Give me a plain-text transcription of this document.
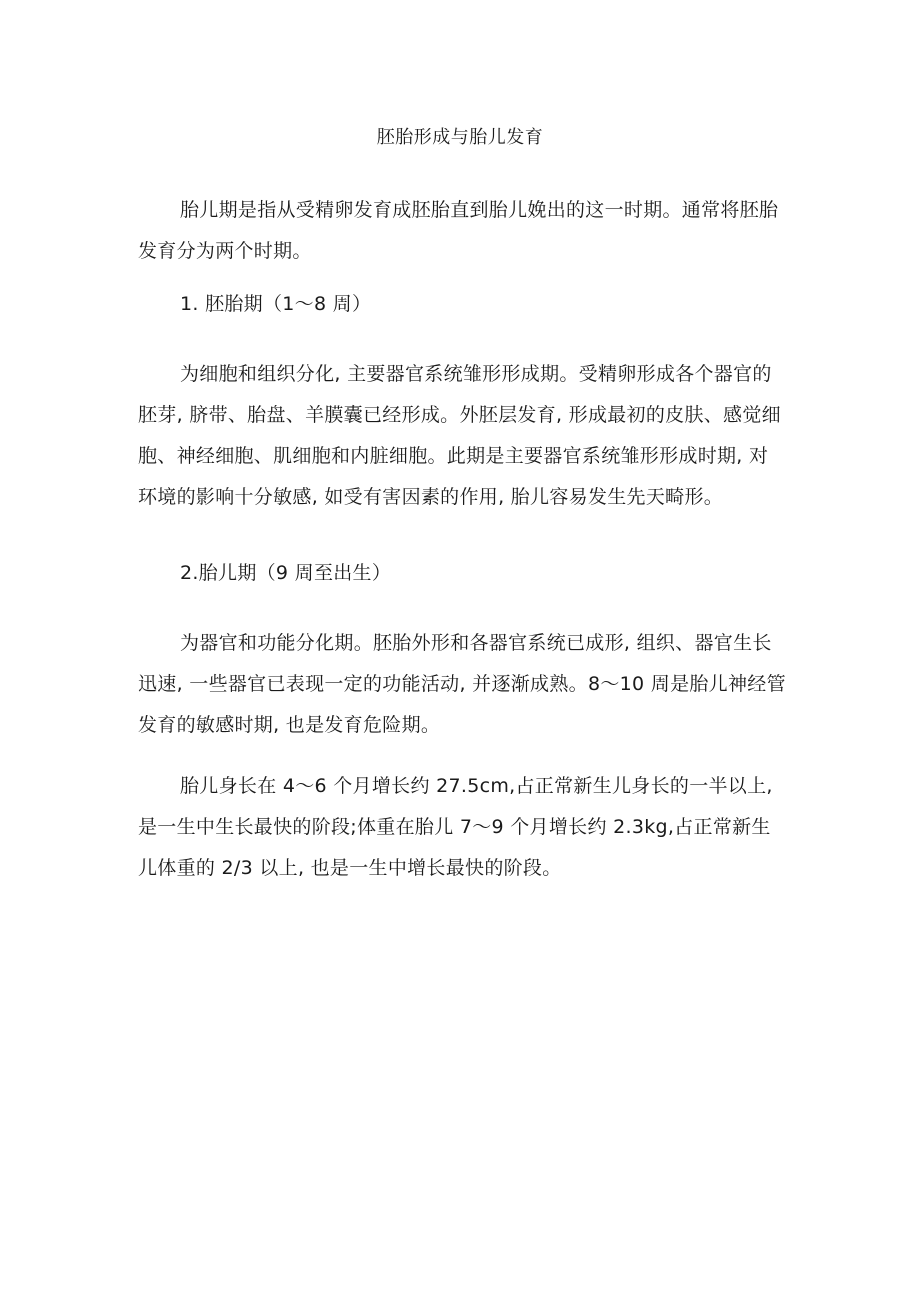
胚胎形成与胎儿发育

胎儿期是指从受精卵发育成胚胎直到胎儿娩出的这一时期。通常将胚胎发育分为两个时期。

1. 胚胎期（1～8 周）

为细胞和组织分化, 主要器官系统雏形形成期。受精卵形成各个器官的胚芽, 脐带、胎盘、羊膜囊已经形成。外胚层发育, 形成最初的皮肤、感觉细胞、神经细胞、肌细胞和内脏细胞。此期是主要器官系统雏形形成时期, 对环境的影响十分敏感, 如受有害因素的作用, 胎儿容易发生先天畸形。

2.胎儿期（9 周至出生）

为器官和功能分化期。胚胎外形和各器官系统已成形, 组织、器官生长迅速, 一些器官已表现一定的功能活动, 并逐渐成熟。8～10 周是胎儿神经管发育的敏感时期, 也是发育危险期。

胎儿身长在 4～6 个月增长约 27.5cm,占正常新生儿身长的一半以上,是一生中生长最快的阶段;体重在胎儿 7～9 个月增长约 2.3kg,占正常新生儿体重的 2/3 以上, 也是一生中增长最快的阶段。
